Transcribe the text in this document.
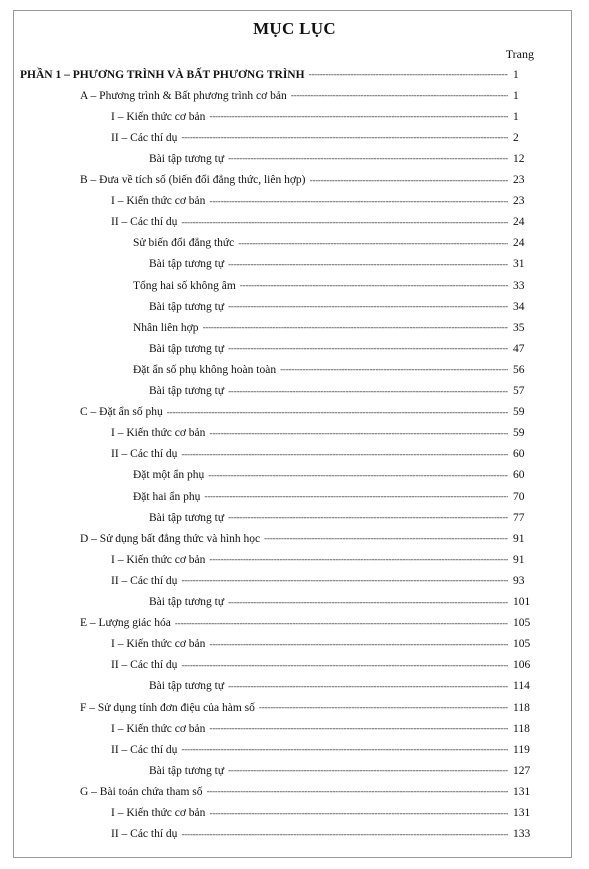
MỤC LỤC
Trang
PHẦN 1 – PHƯƠNG TRÌNH VÀ BẤT PHƯƠNG TRÌNH -----	1
A – Phương trình & Bất phương trình cơ bản -----	1
I – Kiến thức cơ bản -----	1
II – Các thí dụ -----	2
Bài tập tương tự -----	12
B – Đưa về tích số (biến đổi đẳng thức, liên hợp) -----	23
I – Kiến thức cơ bản -----	23
II – Các thí dụ -----	24
Sử biến đổi đẳng thức -----	24
Bài tập tương tự -----	31
Tổng hai số không âm -----	33
Bài tập tương tự -----	34
Nhân liên hợp -----	35
Bài tập tương tự -----	47
Đặt ẩn số phụ không hoàn toàn -----	56
Bài tập tương tự -----	57
C – Đặt ẩn số phụ -----	59
I – Kiến thức cơ bản -----	59
II – Các thí dụ -----	60
Đặt một ẩn phụ -----	60
Đặt hai ẩn phụ -----	70
Bài tập tương tự -----	77
D – Sử dụng bất đẳng thức và hình học -----	91
I – Kiến thức cơ bản -----	91
II – Các thí dụ -----	93
Bài tập tương tự -----	101
E – Lượng giác hóa -----	105
I – Kiến thức cơ bản -----	105
II – Các thí dụ -----	106
Bài tập tương tự -----	114
F – Sử dụng tính đơn điệu của hàm số -----	118
I – Kiến thức cơ bản -----	118
II – Các thí dụ -----	119
Bài tập tương tự -----	127
G – Bài toán chứa tham số -----	131
I – Kiến thức cơ bản -----	131
II – Các thí dụ -----	133
